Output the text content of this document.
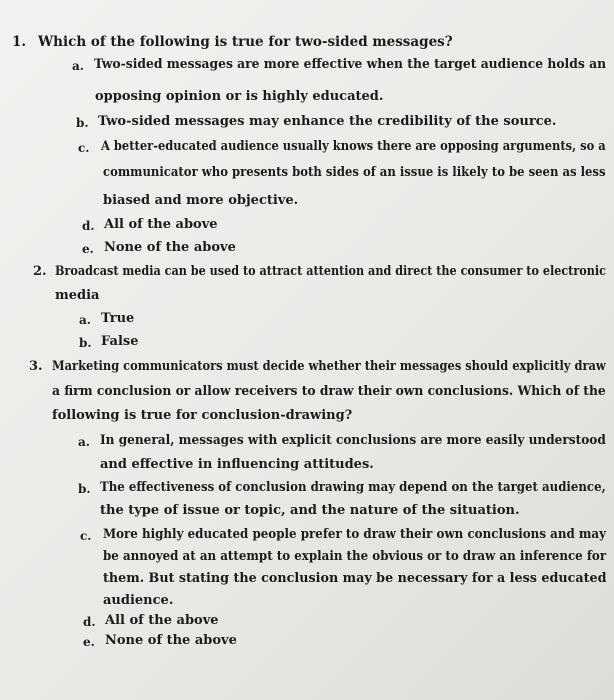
1. Which of the following is true for two-sided messages?
a. Two-sided messages are more effective when the target audience holds an
opposing opinion or is highly educated.
b. Two-sided messages may enhance the credibility of the source.
c. A better-educated audience usually knows there are opposing arguments, so a
communicator who presents both sides of an issue is likely to be seen as less
biased and more objective.
d. All of the above
e. None of the above
2. Broadcast media can be used to attract attention and direct the consumer to electronic
media
a. True
b. False
3. Marketing communicators must decide whether their messages should explicitly draw
a firm conclusion or allow receivers to draw their own conclusions. Which of the
following is true for conclusion-drawing?
a. In general, messages with explicit conclusions are more easily understood
and effective in influencing attitudes.
b. The effectiveness of conclusion drawing may depend on the target audience,
the type of issue or topic, and the nature of the situation.
c. More highly educated people prefer to draw their own conclusions and may
be annoyed at an attempt to explain the obvious or to draw an inference for
them. But stating the conclusion may be necessary for a less educated
audience.
d. All of the above
e. None of the above
